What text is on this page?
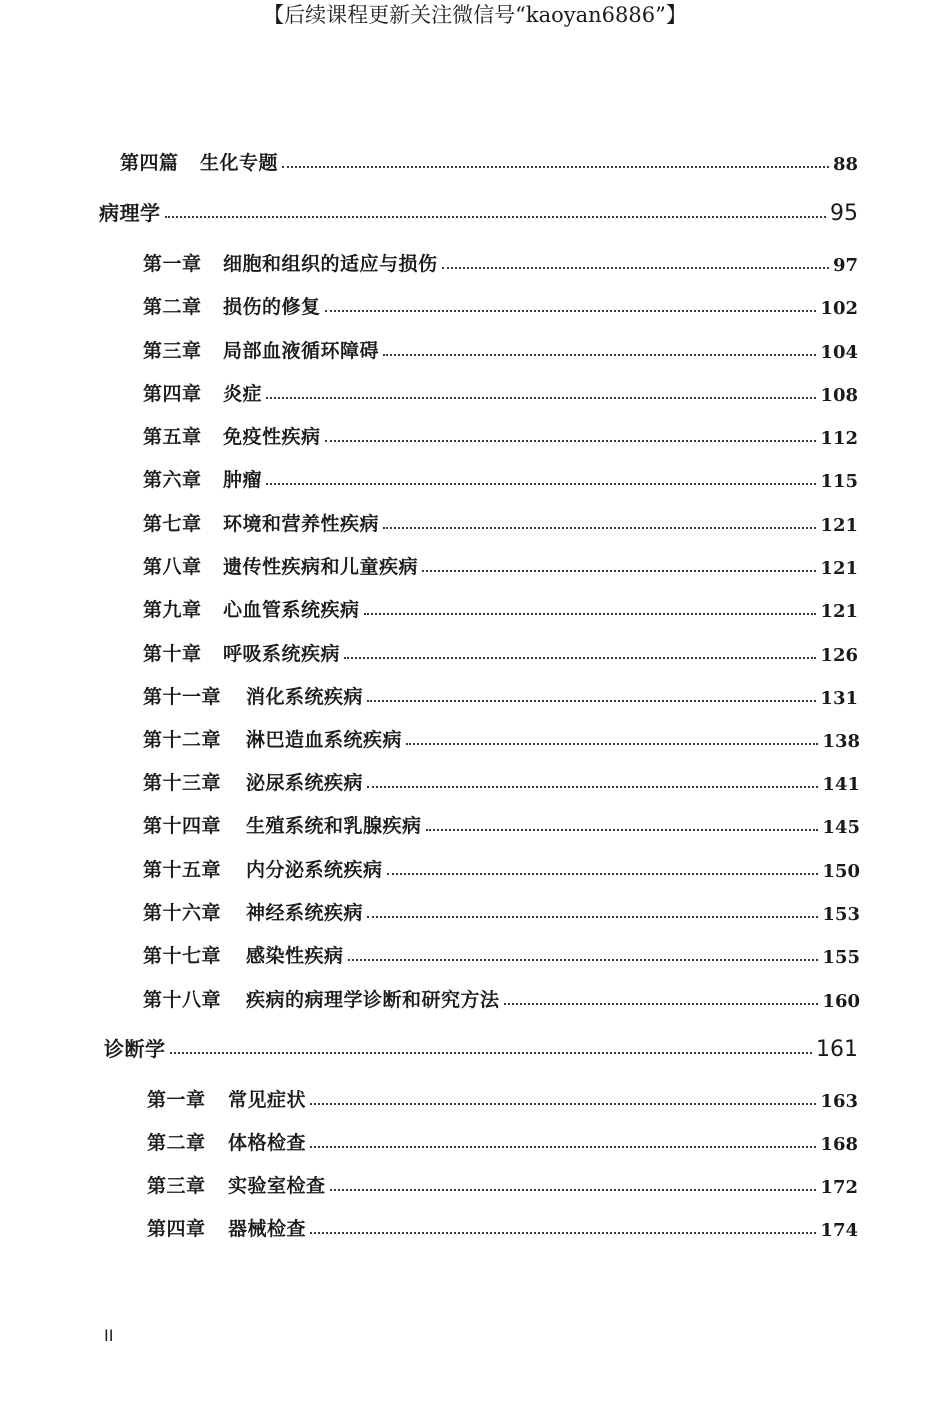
【后续课程更新关注微信号“kaoyan6886”】
第四篇 生化专题	88
病理学	95
第一章 细胞和组织的适应与损伤	97
第二章 损伤的修复	102
第三章 局部血液循环障碍	104
第四章 炎症	108
第五章 免疫性疾病	112
第六章 肿瘤	115
第七章 环境和营养性疾病	121
第八章 遗传性疾病和儿童疾病	121
第九章 心血管系统疾病	121
第十章 呼吸系统疾病	126
第十一章 消化系统疾病	131
第十二章 淋巴造血系统疾病	138
第十三章 泌尿系统疾病	141
第十四章 生殖系统和乳腺疾病	145
第十五章 内分泌系统疾病	150
第十六章 神经系统疾病	153
第十七章 感染性疾病	155
第十八章 疾病的病理学诊断和研究方法	160
诊断学	161
第一章 常见症状	163
第二章 体格检查	168
第三章 实验室检查	172
第四章 器械检查	174
II
